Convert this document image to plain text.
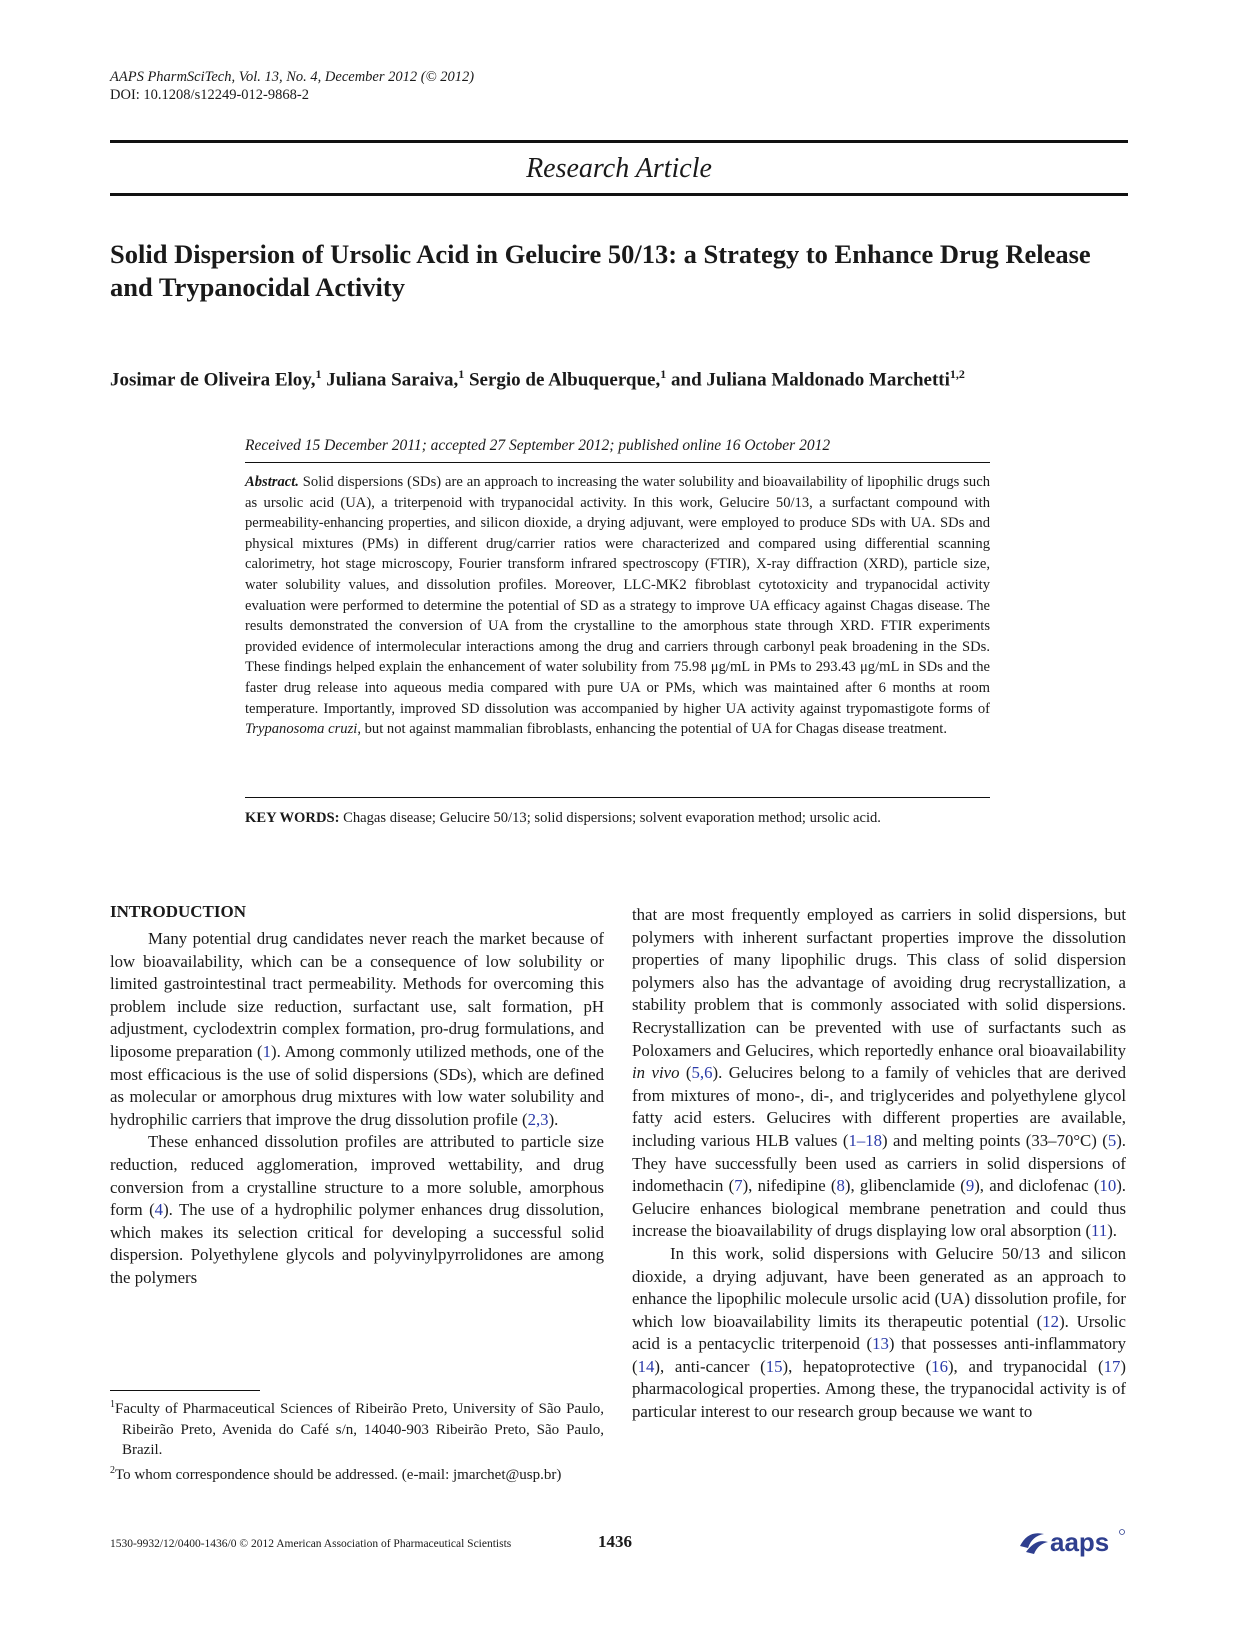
AAPS PharmSciTech, Vol. 13, No. 4, December 2012 (© 2012)
DOI: 10.1208/s12249-012-9868-2
Research Article
Solid Dispersion of Ursolic Acid in Gelucire 50/13: a Strategy to Enhance Drug Release and Trypanocidal Activity
Josimar de Oliveira Eloy,$^1$ Juliana Saraiva,$^1$ Sergio de Albuquerque,$^1$ and Juliana Maldonado Marchetti$^{1,2}$
Received 15 December 2011; accepted 27 September 2012; published online 16 October 2012
Abstract. Solid dispersions (SDs) are an approach to increasing the water solubility and bioavailability of lipophilic drugs such as ursolic acid (UA), a triterpenoid with trypanocidal activity. In this work, Gelucire 50/13, a surfactant compound with permeability-enhancing properties, and silicon dioxide, a drying adjuvant, were employed to produce SDs with UA. SDs and physical mixtures (PMs) in different drug/carrier ratios were characterized and compared using differential scanning calorimetry, hot stage microscopy, Fourier transform infrared spectroscopy (FTIR), X-ray diffraction (XRD), particle size, water solubility values, and dissolution profiles. Moreover, LLC-MK2 fibroblast cytotoxicity and trypanocidal activity evaluation were performed to determine the potential of SD as a strategy to improve UA efficacy against Chagas disease. The results demonstrated the conversion of UA from the crystalline to the amorphous state through XRD. FTIR experiments provided evidence of intermolecular interactions among the drug and carriers through carbonyl peak broadening in the SDs. These findings helped explain the enhancement of water solubility from 75.98 μg/mL in PMs to 293.43 μg/mL in SDs and the faster drug release into aqueous media compared with pure UA or PMs, which was maintained after 6 months at room temperature. Importantly, improved SD dissolution was accompanied by higher UA activity against trypomastigote forms of Trypanosoma cruzi, but not against mammalian fibroblasts, enhancing the potential of UA for Chagas disease treatment.
KEY WORDS: Chagas disease; Gelucire 50/13; solid dispersions; solvent evaporation method; ursolic acid.
INTRODUCTION

Many potential drug candidates never reach the market because of low bioavailability, which can be a consequence of low solubility or limited gastrointestinal tract permeability. Methods for overcoming this problem include size reduction, surfactant use, salt formation, pH adjustment, cyclodextrin complex formation, pro-drug formulations, and liposome preparation (1). Among commonly utilized methods, one of the most efficacious is the use of solid dispersions (SDs), which are defined as molecular or amorphous drug mixtures with low water solubility and hydrophilic carriers that improve the drug dissolution profile (2,3).

These enhanced dissolution profiles are attributed to particle size reduction, reduced agglomeration, improved wettability, and drug conversion from a crystalline structure to a more soluble, amorphous form (4). The use of a hydrophilic polymer enhances drug dissolution, which makes its selection critical for developing a successful solid dispersion. Polyethylene glycols and polyvinylpyrrolidones are among the polymers

that are most frequently employed as carriers in solid dispersions, but polymers with inherent surfactant properties improve the dissolution properties of many lipophilic drugs. This class of solid dispersion polymers also has the advantage of avoiding drug recrystallization, a stability problem that is commonly associated with solid dispersions. Recrystallization can be prevented with use of surfactants such as Poloxamers and Gelucires, which reportedly enhance oral bioavailability in vivo (5,6). Gelucires belong to a family of vehicles that are derived from mixtures of mono-, di-, and triglycerides and polyethylene glycol fatty acid esters. Gelucires with different properties are available, including various HLB values (1–18) and melting points (33–70°C) (5). They have successfully been used as carriers in solid dispersions of indomethacin (7), nifedipine (8), glibenclamide (9), and diclofenac (10). Gelucire enhances biological membrane penetration and could thus increase the bioavailability of drugs displaying low oral absorption (11).

In this work, solid dispersions with Gelucire 50/13 and silicon dioxide, a drying adjuvant, have been generated as an approach to enhance the lipophilic molecule ursolic acid (UA) dissolution profile, for which low bioavailability limits its therapeutic potential (12). Ursolic acid is a pentacyclic triterpenoid (13) that possesses anti-inflammatory (14), anti-cancer (15), hepatoprotective (16), and trypanocidal (17) pharmacological properties. Among these, the trypanocidal activity is of particular interest to our research group because we want to

$^1$Faculty of Pharmaceutical Sciences of Ribeirão Preto, University of São Paulo, Ribeirão Preto, Avenida do Café s/n, 14040-903 Ribeirão Preto, São Paulo, Brazil.

$^2$To whom correspondence should be addressed. (e-mail: jmarchet@usp.br)

1530-9932/12/0400-1436/0 © 2012 American Association of Pharmaceutical Scientists	1436	aaps
